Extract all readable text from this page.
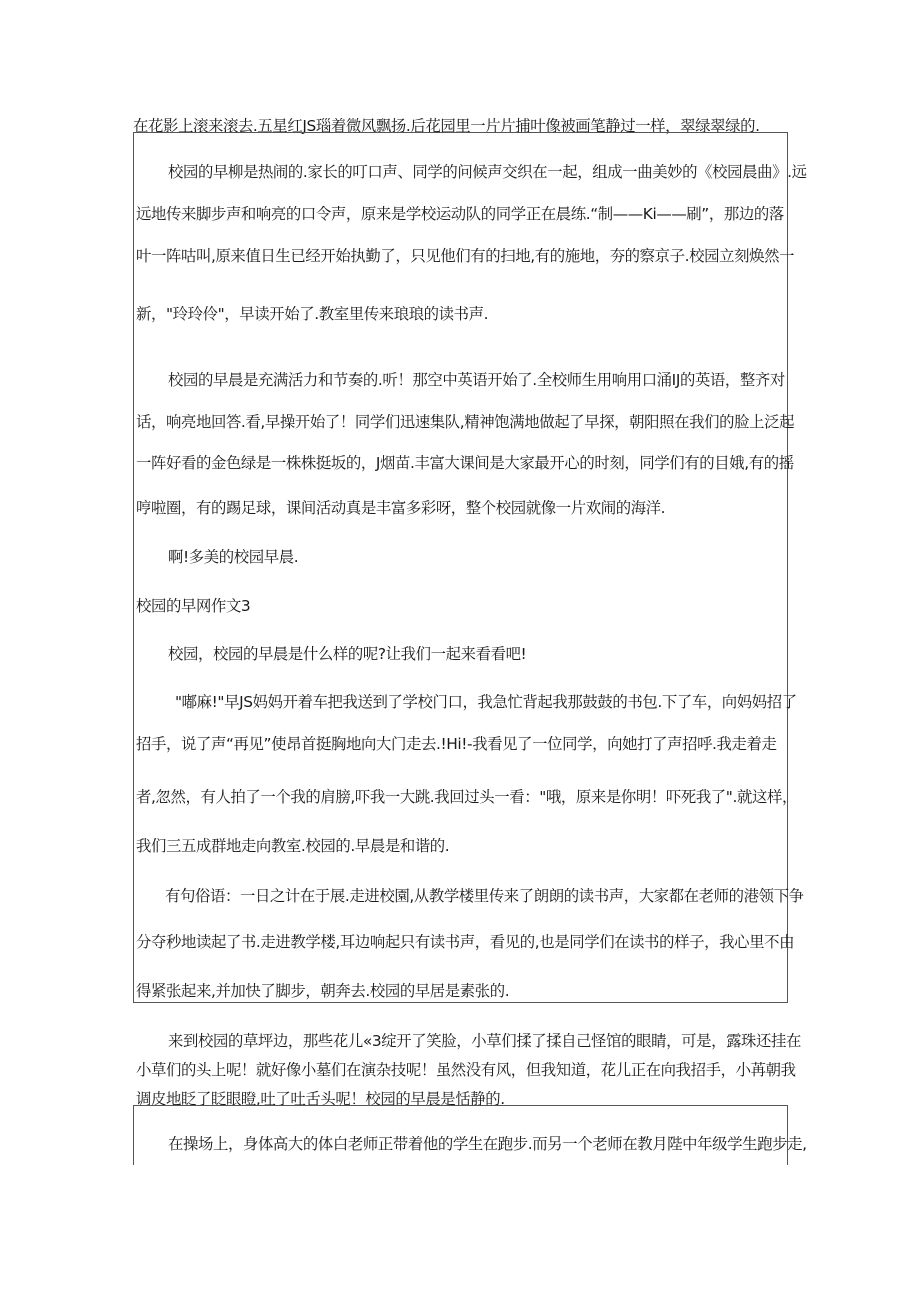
在花影上滚来滚去.五星红JS瑙着微风飘扬.后花园里一片片捕叶像被画笔静过一样，翠绿翠绿的.

校园的早柳是热闹的.家长的叮口声、同学的问候声交织在一起，组成一曲美妙的《校园晨曲》.远

远地传来脚步声和响亮的口令声，原来是学校运动队的同学正在晨练.“制——Ki——刷”，那边的落

叶一阵咕叫,原来值日生已经开始执勤了，只见他们有的扫地,有的施地，夯的察京子.校园立刻焕然一

新，"玲玲伶"，早读开始了.教室里传来琅琅的读书声.

校园的早晨是充满活力和节奏的.听！那空中英语开始了.全校师生用响用口涌IJ的英语，整齐对

话，响亮地回答.看,早操开始了！同学们迅速集队,精神饱满地做起了早探，朝阳照在我们的脸上泛起

一阵好看的金色绿是一株株挺坂的，J烟苗.丰富大课间是大家最开心的时刻，同学们有的目娥,有的摇

哼啦圈，有的踢足球，课间活动真是丰富多彩呀，整个校园就像一片欢闹的海洋.

啊!多美的校园早晨.

校园的早网作文3

校园，校园的早晨是什么样的呢?让我们一起来看看吧!

"嘟麻!"早JS妈妈开着车把我送到了学校门口，我急忙背起我那鼓鼓的书包.下了车，向妈妈招了

招手，说了声“再见”使昂首挺胸地向大门走去.!Hi!-我看见了一位同学，向她打了声招呼.我走着走

者,忽然，有人拍了一个我的肩膀,吓我一大跳.我回过头一看："哦，原来是你明！吓死我了".就这样，

我们三五成群地走向教室.校园的.早晨是和谐的.

有句俗语：一日之计在于展.走进校園,从教学楼里传来了朗朗的读书声，大家都在老师的港领下争

分夺秒地读起了书.走进教学楼,耳边响起只有读书声，看见的,也是同学们在读书的样子，我心里不由

得紧张起来,并加快了脚步，朝奔去.校园的早居是素张的.

来到校园的草坪边，那些花儿«3绽开了笑脸，小草们揉了揉自己怪馆的眼睛，可是，露珠还挂在

小草们的头上呢！就好像小墓们在演杂技呢！虽然没有风，但我知道，花儿正在向我招手，小苒朝我

调皮地眨了眨眼瞪,吐了吐舌头呢！校园的早晨是恬静的.

在操场上，身体高大的体白老师正带着他的学生在跑步.而另一个老师在教月陛中年级学生跑步走,
